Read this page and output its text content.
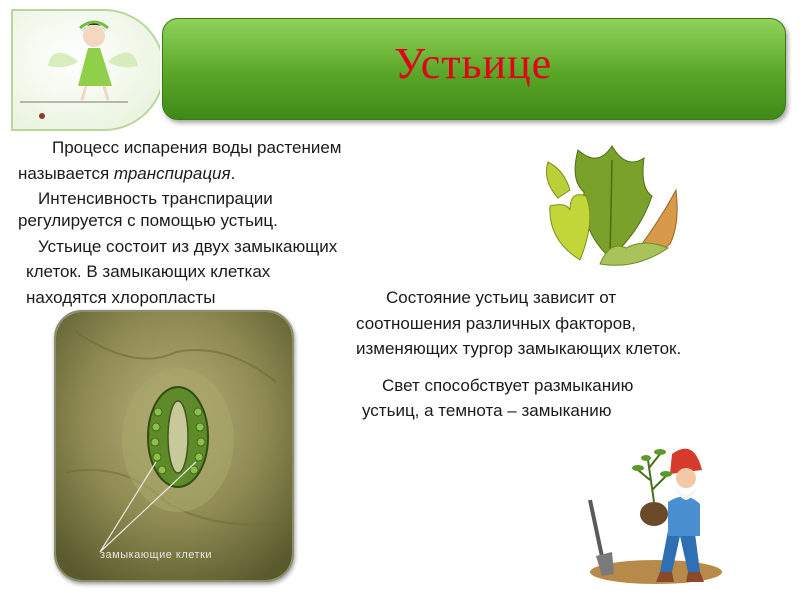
Устьице
Процесс испарения воды растением
называется транспирация.
Интенсивность транспирации
регулируется с помощью устьиц.
Устьице состоит из двух замыкающих
клеток. В замыкающих клетках
находятся хлоропласты	Состояние устьиц зависит от
соотношения различных факторов,
изменяющих тургор замыкающих клеток.
Свет способствует размыканию
устьиц, а темнота – замыканию
замыкающие клетки
